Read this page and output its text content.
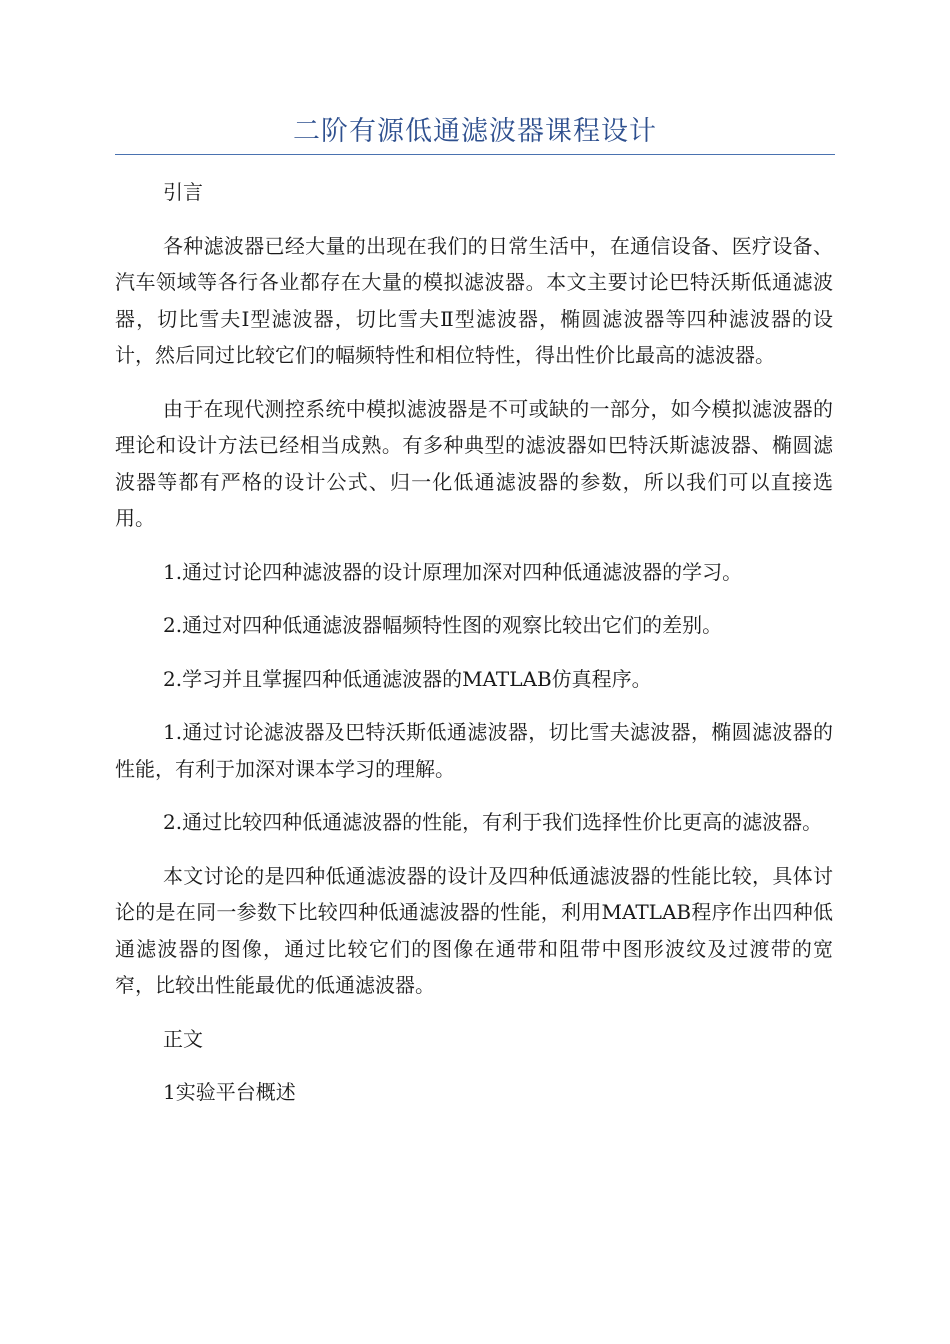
二阶有源低通滤波器课程设计

引言

各种滤波器已经大量的出现在我们的日常生活中，在通信设备、医疗设备、汽车领域等各行各业都存在大量的模拟滤波器。本文主要讨论巴特沃斯低通滤波器，切比雪夫Ⅰ型滤波器，切比雪夫Ⅱ型滤波器，椭圆滤波器等四种滤波器的设计，然后同过比较它们的幅频特性和相位特性，得出性价比最高的滤波器。

由于在现代测控系统中模拟滤波器是不可或缺的一部分，如今模拟滤波器的理论和设计方法已经相当成熟。有多种典型的滤波器如巴特沃斯滤波器、椭圆滤波器等都有严格的设计公式、归一化低通滤波器的参数，所以我们可以直接选用。

1.通过讨论四种滤波器的设计原理加深对四种低通滤波器的学习。

2.通过对四种低通滤波器幅频特性图的观察比较出它们的差别。

2.学习并且掌握四种低通滤波器的MATLAB仿真程序。

1.通过讨论滤波器及巴特沃斯低通滤波器，切比雪夫滤波器，椭圆滤波器的性能，有利于加深对课本学习的理解。

2.通过比较四种低通滤波器的性能，有利于我们选择性价比更高的滤波器。

本文讨论的是四种低通滤波器的设计及四种低通滤波器的性能比较，具体讨论的是在同一参数下比较四种低通滤波器的性能，利用MATLAB程序作出四种低通滤波器的图像，通过比较它们的图像在通带和阻带中图形波纹及过渡带的宽窄，比较出性能最优的低通滤波器。

正文

1实验平台概述
